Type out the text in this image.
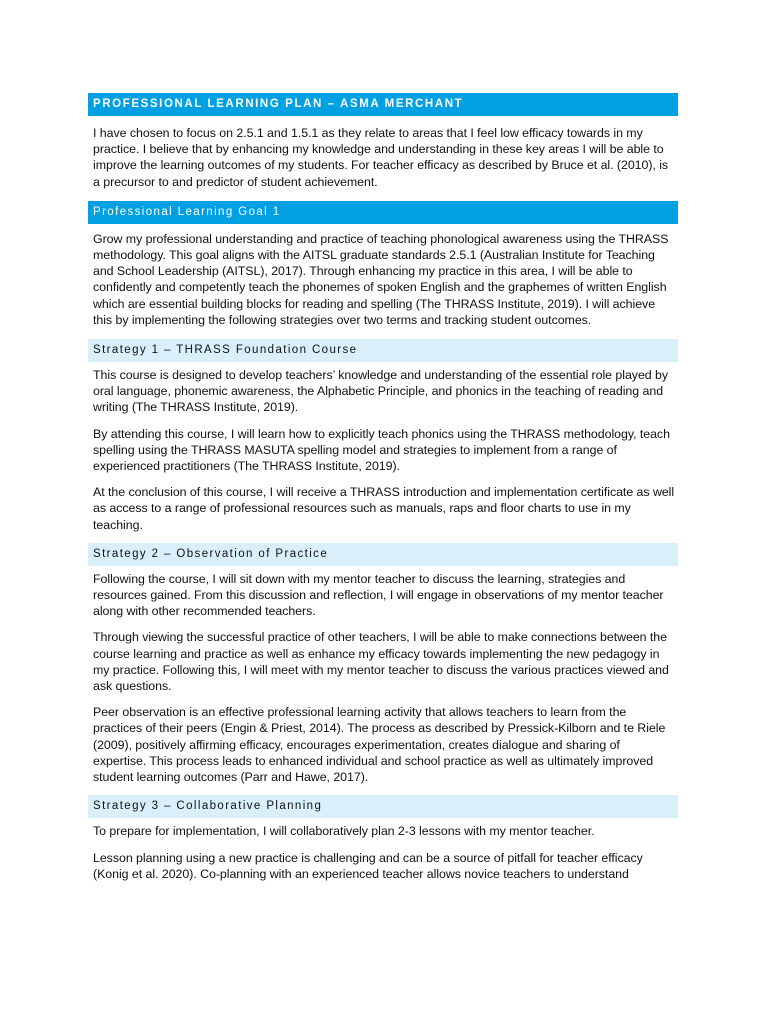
PROFESSIONAL LEARNING PLAN – ASMA MERCHANT

I have chosen to focus on 2.5.1 and 1.5.1 as they relate to areas that I feel low efficacy towards in my practice. I believe that by enhancing my knowledge and understanding in these key areas I will be able to improve the learning outcomes of my students. For teacher efficacy as described by Bruce et al. (2010), is a precursor to and predictor of student achievement.

Professional Learning Goal 1

Grow my professional understanding and practice of teaching phonological awareness using the THRASS methodology. This goal aligns with the AITSL graduate standards 2.5.1 (Australian Institute for Teaching and School Leadership (AITSL), 2017). Through enhancing my practice in this area, I will be able to confidently and competently teach the phonemes of spoken English and the graphemes of written English which are essential building blocks for reading and spelling (The THRASS Institute, 2019). I will achieve this by implementing the following strategies over two terms and tracking student outcomes.

Strategy 1 – THRASS Foundation Course

This course is designed to develop teachers’ knowledge and understanding of the essential role played by oral language, phonemic awareness, the Alphabetic Principle, and phonics in the teaching of reading and writing (The THRASS Institute, 2019).

By attending this course, I will learn how to explicitly teach phonics using the THRASS methodology, teach spelling using the THRASS MASUTA spelling model and strategies to implement from a range of experienced practitioners (The THRASS Institute, 2019).

At the conclusion of this course, I will receive a THRASS introduction and implementation certificate as well as access to a range of professional resources such as manuals, raps and floor charts to use in my teaching.

Strategy 2 – Observation of Practice

Following the course, I will sit down with my mentor teacher to discuss the learning, strategies and resources gained. From this discussion and reflection, I will engage in observations of my mentor teacher along with other recommended teachers.

Through viewing the successful practice of other teachers, I will be able to make connections between the course learning and practice as well as enhance my efficacy towards implementing the new pedagogy in my practice. Following this, I will meet with my mentor teacher to discuss the various practices viewed and ask questions.

Peer observation is an effective professional learning activity that allows teachers to learn from the practices of their peers (Engin & Priest, 2014). The process as described by Pressick-Kilborn and te Riele (2009), positively affirming efficacy, encourages experimentation, creates dialogue and sharing of expertise. This process leads to enhanced individual and school practice as well as ultimately improved student learning outcomes (Parr and Hawe, 2017).

Strategy 3 – Collaborative Planning

To prepare for implementation, I will collaboratively plan 2-3 lessons with my mentor teacher.

Lesson planning using a new practice is challenging and can be a source of pitfall for teacher efficacy (Konig et al. 2020). Co-planning with an experienced teacher allows novice teachers to understand
